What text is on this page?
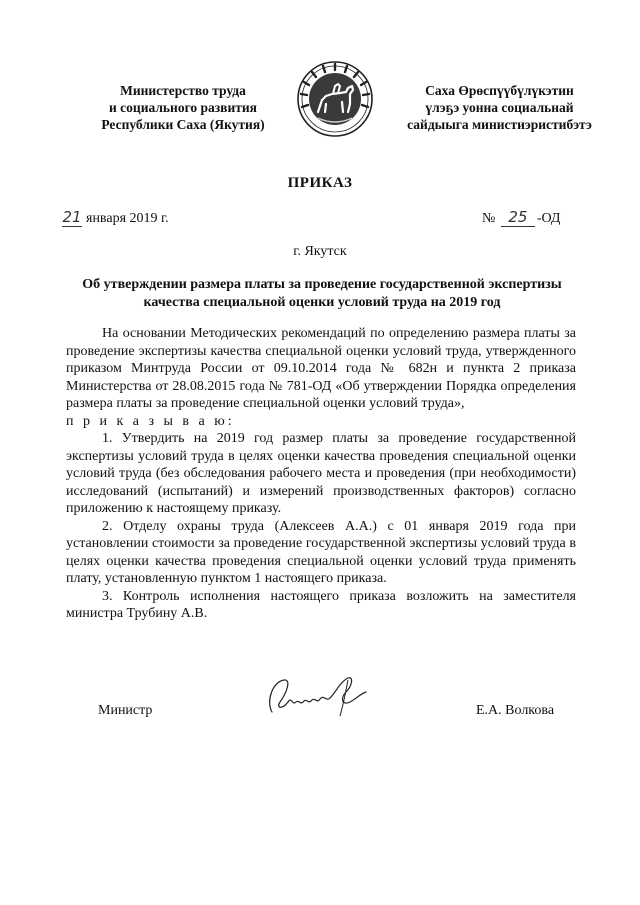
Министерство труда
и социального развития
Республики Саха (Якутия)
Саха Өрөспүүбүлүкэтин
үлэҕэ уонна социальнай
сайдыыга министиэристибэтэ
ПРИКАЗ
21 января 2019 г.	№ 25 -ОД
г. Якутск
Об утверждении размера платы за проведение государственной экспертизы
качества специальной оценки условий труда на 2019 год

На основании Методических рекомендаций по определению размера платы за проведение экспертизы качества специальной оценки условий труда, утвержденного приказом Минтруда России от 09.10.2014 года № 682н и пункта 2 приказа Министерства от 28.08.2015 года № 781-ОД «Об утверждении Порядка определения размера платы за проведение специальной оценки условий труда»,

п р и к а з ы в а ю:

1. Утвердить на 2019 год размер платы за проведение государственной экспертизы условий труда в целях оценки качества проведения специальной оценки условий труда (без обследования рабочего места и проведения (при необходимости) исследований (испытаний) и измерений производственных факторов) согласно приложению к настоящему приказу.

2. Отделу охраны труда (Алексеев А.А.) с 01 января 2019 года при установлении стоимости за проведение государственной экспертизы условий труда в целях оценки качества проведения специальной оценки условий труда применять плату, установленную пунктом 1 настоящего приказа.

3. Контроль исполнения настоящего приказа возложить на заместителя министра Трубину А.В.

Министр	Е.А. Волкова
